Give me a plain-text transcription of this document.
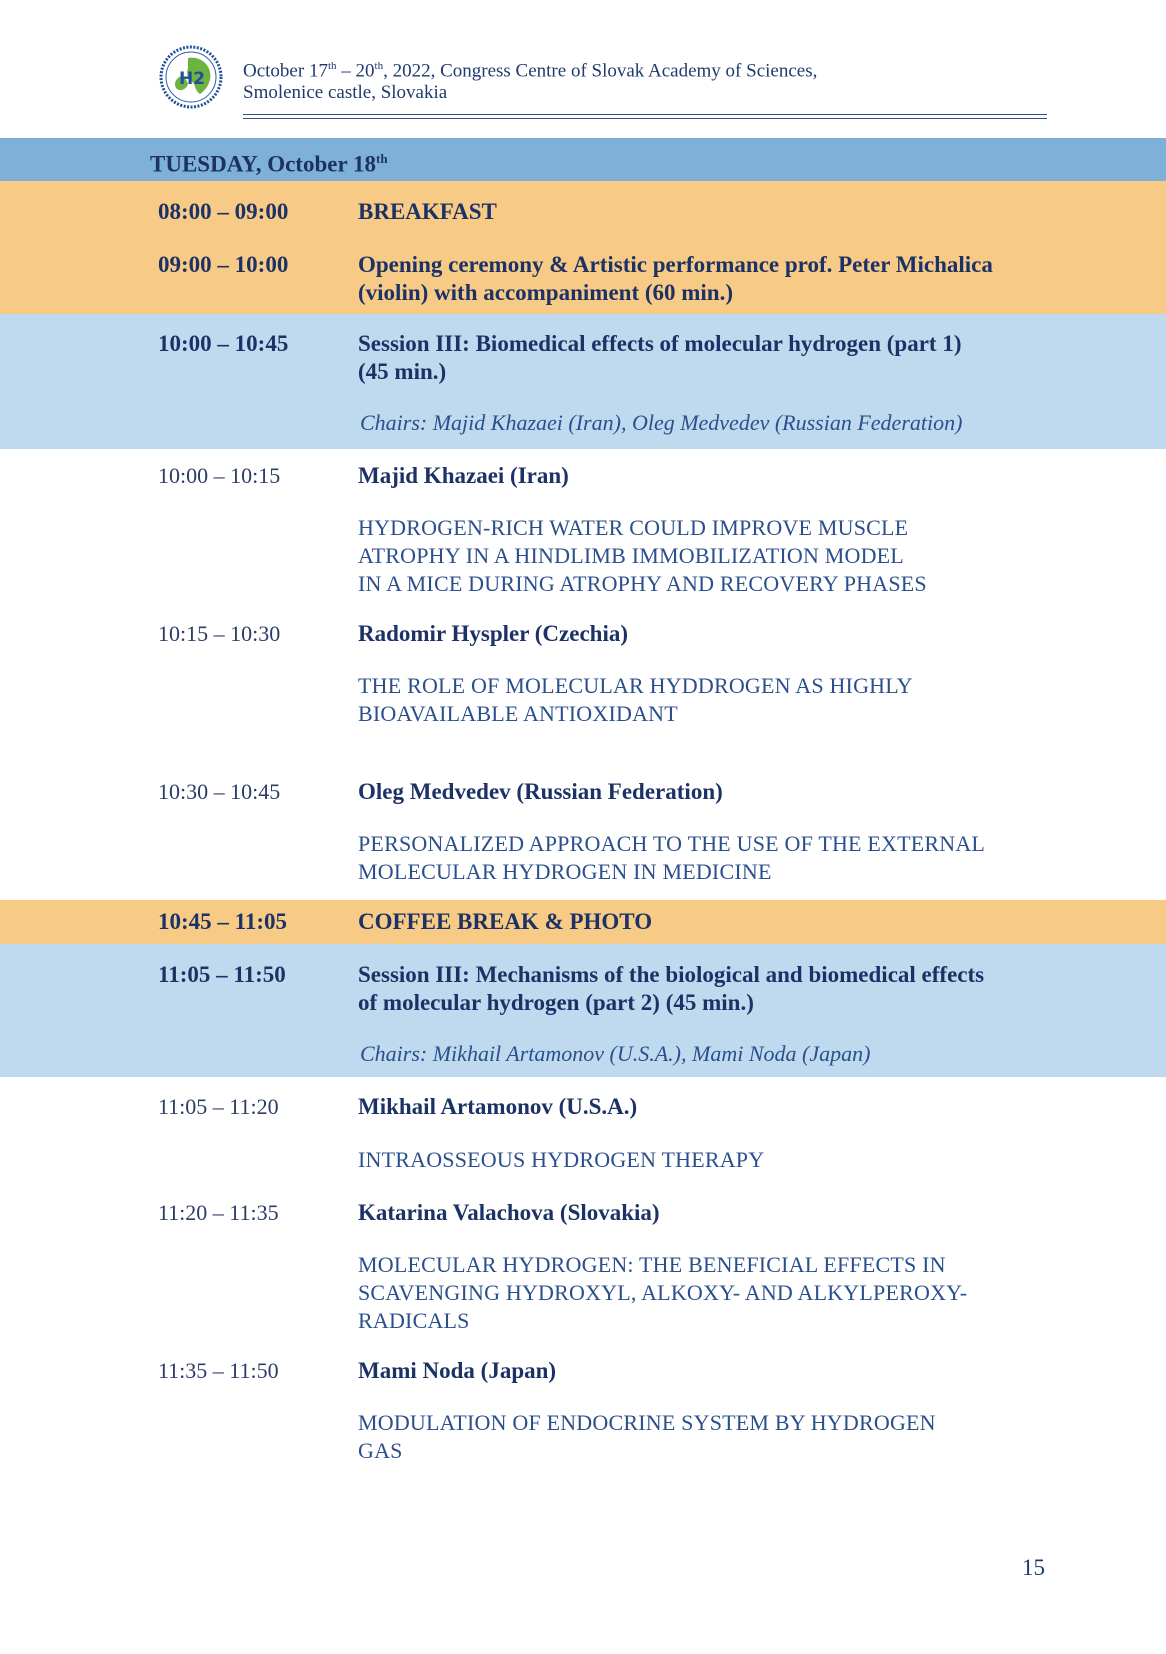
H2 October 17th – 20th, 2022, Congress Centre of Slovak Academy of Sciences,
Smolenice castle, Slovakia
TUESDAY, October 18th
08:00 – 09:00	BREAKFAST
09:00 – 10:00	Opening ceremony & Artistic performance prof. Peter Michalica
(violin) with accompaniment (60 min.)
10:00 – 10:45	Session III: Biomedical effects of molecular hydrogen (part 1)
(45 min.)
Chairs: Majid Khazaei (Iran), Oleg Medvedev (Russian Federation)
10:00 – 10:15	Majid Khazaei (Iran)
HYDROGEN-RICH WATER COULD IMPROVE MUSCLE
ATROPHY IN A HINDLIMB IMMOBILIZATION MODEL
IN A MICE DURING ATROPHY AND RECOVERY PHASES
10:15 – 10:30	Radomir Hyspler (Czechia)
THE ROLE OF MOLECULAR HYDDROGEN AS HIGHLY
BIOAVAILABLE ANTIOXIDANT
10:30 – 10:45	Oleg Medvedev (Russian Federation)
PERSONALIZED APPROACH TO THE USE OF THE EXTERNAL
MOLECULAR HYDROGEN IN MEDICINE
10:45 – 11:05	COFFEE BREAK & PHOTO
11:05 – 11:50	Session III: Mechanisms of the biological and biomedical effects
of molecular hydrogen (part 2) (45 min.)
Chairs: Mikhail Artamonov (U.S.A.), Mami Noda (Japan)
11:05 – 11:20	Mikhail Artamonov (U.S.A.)
INTRAOSSEOUS HYDROGEN THERAPY
11:20 – 11:35	Katarina Valachova (Slovakia)
MOLECULAR HYDROGEN: THE BENEFICIAL EFFECTS IN
SCAVENGING HYDROXYL, ALKOXY- AND ALKYLPEROXY-
RADICALS
11:35 – 11:50	Mami Noda (Japan)
MODULATION OF ENDOCRINE SYSTEM BY HYDROGEN
GAS
15
